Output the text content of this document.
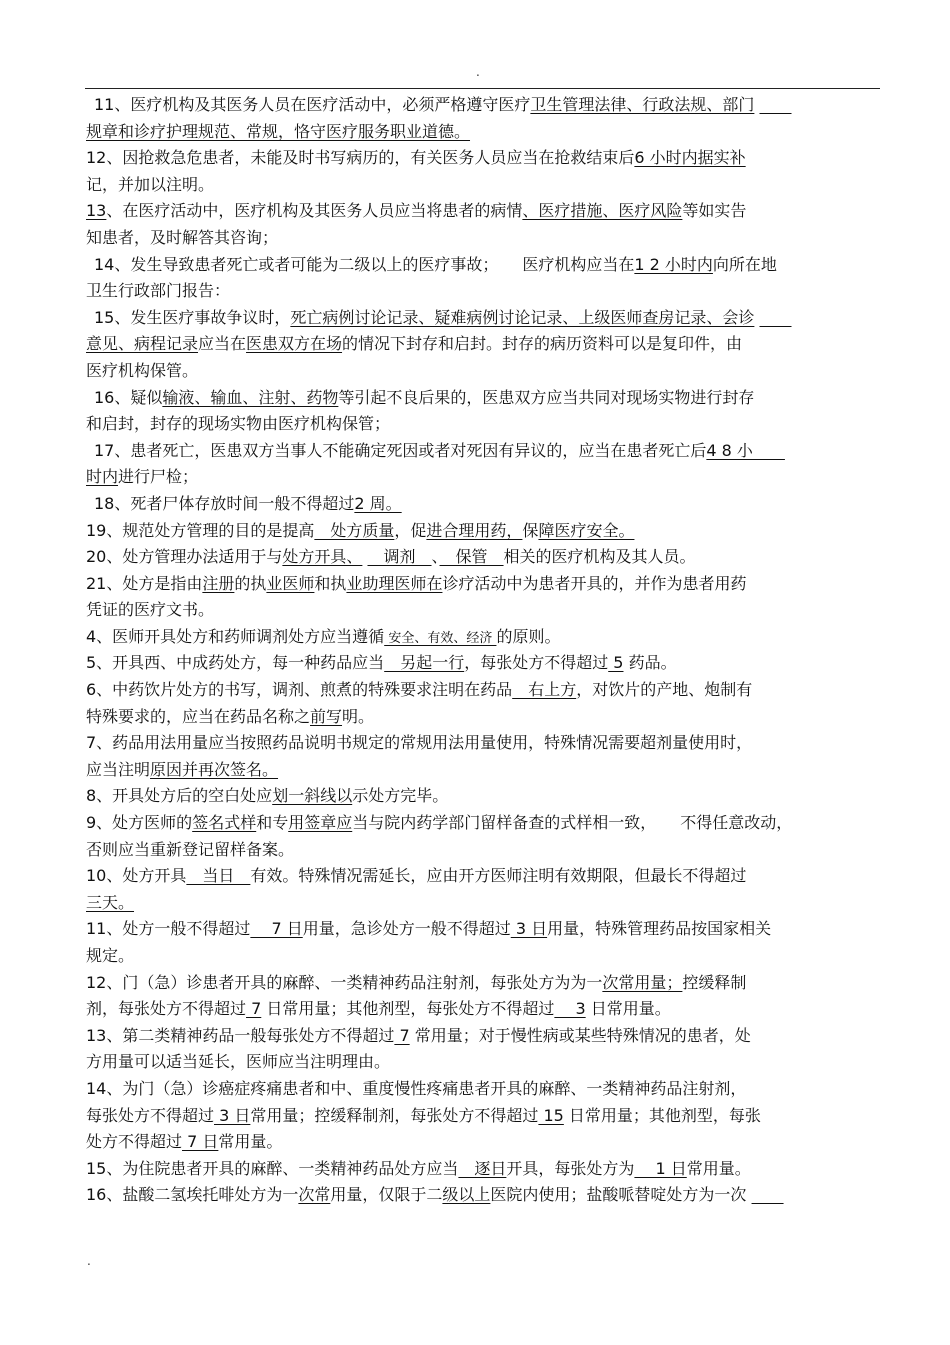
.
11、医疗机构及其医务人员在医疗活动中，必须严格遵守医疗卫生管理法律、行政法规、部门 　　
规章和诊疗护理规范、常规，恪守医疗服务职业道德。
12、因抢救急危患者，未能及时书写病历的，有关医务人员应当在抢救结束后6 小时内据实补
记，并加以注明。
13、在医疗活动中，医疗机构及其医务人员应当将患者的病情、医疗措施、医疗风险等如实告
知患者，及时解答其咨询；
14、发生导致患者死亡或者可能为二级以上的医疗事故；　　医疗机构应当在1 2 小时内向所在地
卫生行政部门报告：
15、发生医疗事故争议时，死亡病例讨论记录、疑难病例讨论记录、上级医师查房记录、会诊 　　
意见、病程记录应当在医患双方在场的情况下封存和启封。封存的病历资料可以是复印件，由
医疗机构保管。
16、疑似输液、输血、注射、药物等引起不良后果的，医患双方应当共同对现场实物进行封存
和启封，封存的现场实物由医疗机构保管；
17、患者死亡，医患双方当事人不能确定死因或者对死因有异议的，应当在患者死亡后4 8 小　　
时内进行尸检；
18、死者尸体存放时间一般不得超过2 周。
19、规范处方管理的目的是提高　处方质量，促进合理用药，保障医疗安全。
20、处方管理办法适用于与处方开具、 　调剂　、　保管　相关的医疗机构及其人员。
21、处方是指由注册的执业医师和执业助理医师在诊疗活动中为患者开具的，并作为患者用药
凭证的医疗文书。
4、医师开具处方和药师调剂处方应当遵循 安全、有效、经济 的原则。
5、开具西、中成药处方，每一种药品应当　另起一行，每张处方不得超过 5 药品。
6、中药饮片处方的书写，调剂、煎煮的特殊要求注明在药品　右上方，对饮片的产地、炮制有
特殊要求的，应当在药品名称之前写明。
7、药品用法用量应当按照药品说明书规定的常规用法用量使用，特殊情况需要超剂量使用时，
应当注明原因并再次签名。
8、开具处方后的空白处应划一斜线以示处方完毕。
9、处方医师的签名式样和专用签章应当与院内药学部门留样备查的式样相一致，　　不得任意改动，
否则应当重新登记留样备案。
10、处方开具　当日　有效。特殊情况需延长，应由开方医师注明有效期限，但最长不得超过
三天。
11、处方一般不得超过　 7 日用量，急诊处方一般不得超过 3 日用量，特殊管理药品按国家相关
规定。
12、门（急）诊患者开具的麻醉、一类精神药品注射剂，每张处方为为一次常用量；控缓释制
剂，每张处方不得超过 7 日常用量；其他剂型，每张处方不得超过　 3 日常用量。
13、第二类精神药品一般每张处方不得超过 7 常用量；对于慢性病或某些特殊情况的患者，处
方用量可以适当延长，医师应当注明理由。
14、为门（急）诊癌症疼痛患者和中、重度慢性疼痛患者开具的麻醉、一类精神药品注射剂，
每张处方不得超过 3 日常用量；控缓释制剂，每张处方不得超过 15 日常用量；其他剂型，每张
处方不得超过 7 日常用量。
15、为住院患者开具的麻醉、一类精神药品处方应当　逐日开具，每张处方为　 1 日常用量。
16、盐酸二氢埃托啡处方为一次常用量，仅限于二级以上医院内使用；盐酸哌替啶处方为一次 　　
.
